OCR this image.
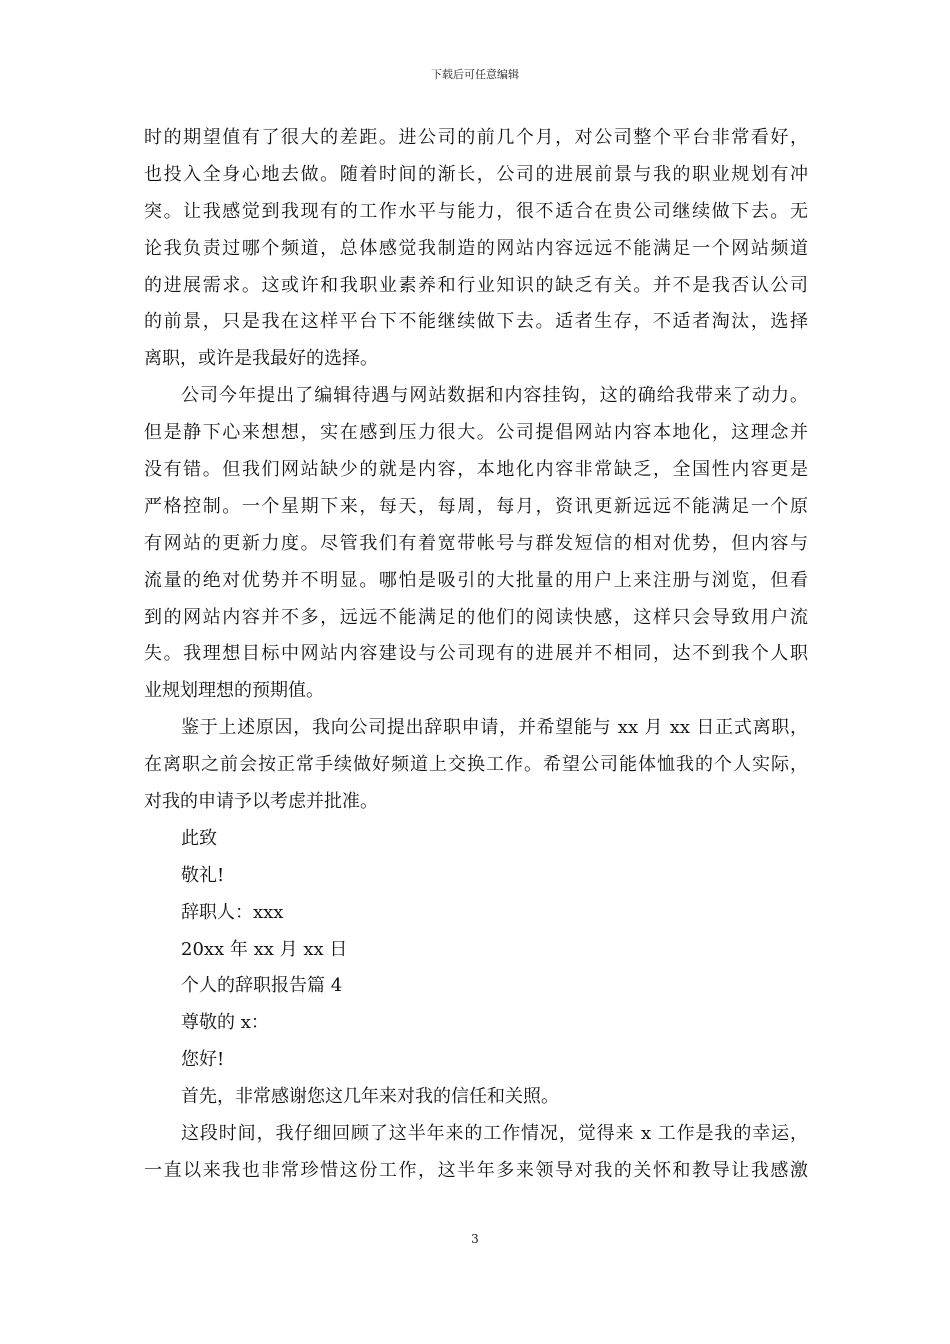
下载后可任意编辑
时的期望值有了很大的差距。进公司的前几个月，对公司整个平台非常看好，
也投入全身心地去做。随着时间的渐长，公司的进展前景与我的职业规划有冲
突。让我感觉到我现有的工作水平与能力，很不适合在贵公司继续做下去。无
论我负责过哪个频道，总体感觉我制造的网站内容远远不能满足一个网站频道
的进展需求。这或许和我职业素养和行业知识的缺乏有关。并不是我否认公司
的前景，只是我在这样平台下不能继续做下去。适者生存，不适者淘汰，选择
离职，或许是我最好的选择。
公司今年提出了编辑待遇与网站数据和内容挂钩，这的确给我带来了动力。
但是静下心来想想，实在感到压力很大。公司提倡网站内容本地化，这理念并
没有错。但我们网站缺少的就是内容，本地化内容非常缺乏，全国性内容更是
严格控制。一个星期下来，每天，每周，每月，资讯更新远远不能满足一个原
有网站的更新力度。尽管我们有着宽带帐号与群发短信的相对优势，但内容与
流量的绝对优势并不明显。哪怕是吸引的大批量的用户上来注册与浏览，但看
到的网站内容并不多，远远不能满足的他们的阅读快感，这样只会导致用户流
失。我理想目标中网站内容建设与公司现有的进展并不相同，达不到我个人职
业规划理想的预期值。
鉴于上述原因，我向公司提出辞职申请，并希望能与 xx 月 xx 日正式离职，
在离职之前会按正常手续做好频道上交换工作。希望公司能体恤我的个人实际，
对我的申请予以考虑并批准。
此致
敬礼!
辞职人：xxx
20xx 年 xx 月 xx 日
个人的辞职报告篇 4
尊敬的 x：
您好!
首先，非常感谢您这几年来对我的信任和关照。
这段时间，我仔细回顾了这半年来的工作情况，觉得来 x 工作是我的幸运，
一直以来我也非常珍惜这份工作，这半年多来领导对我的关怀和教导让我感激
3
